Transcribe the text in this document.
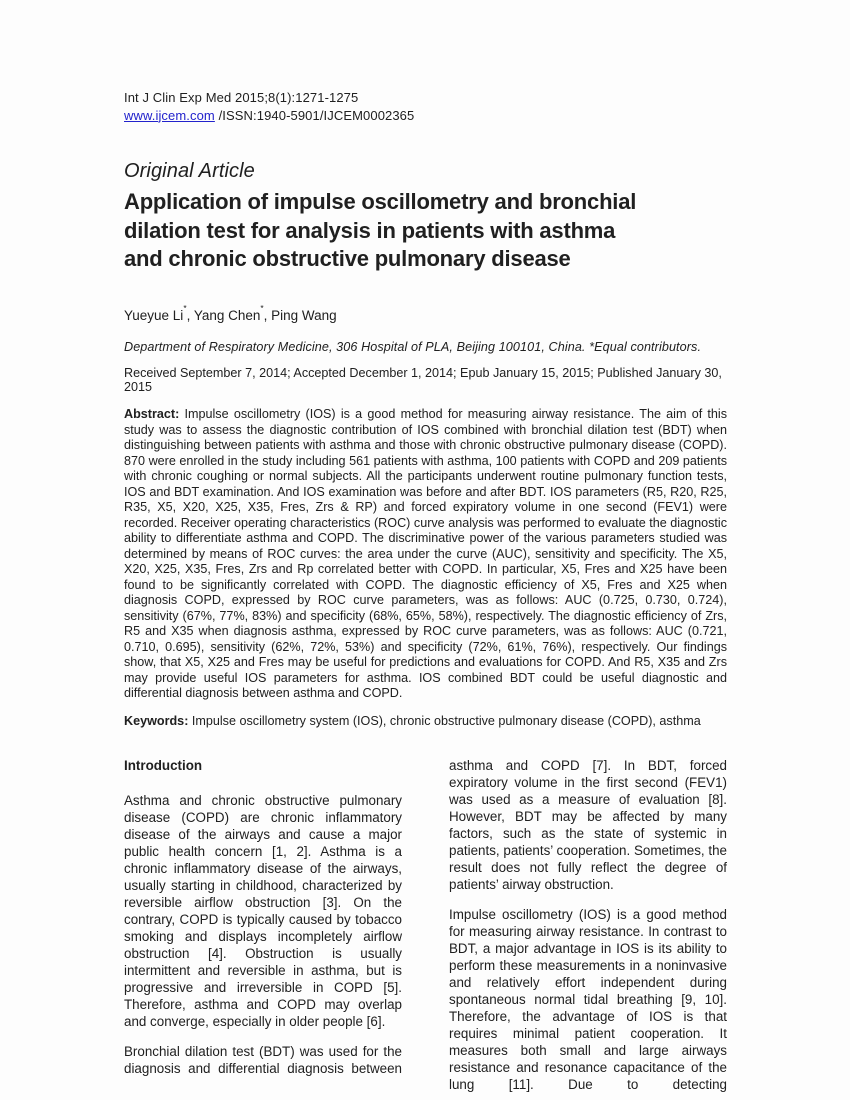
Int J Clin Exp Med 2015;8(1):1271-1275
www.ijcem.com /ISSN:1940-5901/IJCEM0002365
Original Article
Application of impulse oscillometry and bronchial
dilation test for analysis in patients with asthma
and chronic obstructive pulmonary disease
Yueyue Li*, Yang Chen*, Ping Wang
Department of Respiratory Medicine, 306 Hospital of PLA, Beijing 100101, China. *Equal contributors.
Received September 7, 2014; Accepted December 1, 2014; Epub January 15, 2015; Published January 30, 2015
Abstract: Impulse oscillometry (IOS) is a good method for measuring airway resistance. The aim of this study was to assess the diagnostic contribution of IOS combined with bronchial dilation test (BDT) when distinguishing between patients with asthma and those with chronic obstructive pulmonary disease (COPD). 870 were enrolled in the study including 561 patients with asthma, 100 patients with COPD and 209 patients with chronic coughing or normal subjects. All the participants underwent routine pulmonary function tests, IOS and BDT examination. And IOS examination was before and after BDT. IOS parameters (R5, R20, R25, R35, X5, X20, X25, X35, Fres, Zrs & RP) and forced expiratory volume in one second (FEV1) were recorded. Receiver operating characteristics (ROC) curve analysis was performed to evaluate the diagnostic ability to differentiate asthma and COPD. The discriminative power of the various parameters studied was determined by means of ROC curves: the area under the curve (AUC), sensitivity and specificity. The X5, X20, X25, X35, Fres, Zrs and Rp correlated better with COPD. In particular, X5, Fres and X25 have been found to be significantly correlated with COPD. The diagnostic efficiency of X5, Fres and X25 when diagnosis COPD, expressed by ROC curve parameters, was as follows: AUC (0.725, 0.730, 0.724), sensitivity (67%, 77%, 83%) and specificity (68%, 65%, 58%), respectively. The diagnostic efficiency of Zrs, R5 and X35 when diagnosis asthma, expressed by ROC curve parameters, was as follows: AUC (0.721, 0.710, 0.695), sensitivity (62%, 72%, 53%) and specificity (72%, 61%, 76%), respectively. Our findings show, that X5, X25 and Fres may be useful for predictions and evaluations for COPD. And R5, X35 and Zrs may provide useful IOS parameters for asthma. IOS combined BDT could be useful diagnostic and differential diagnosis between asthma and COPD.
Keywords: Impulse oscillometry system (IOS), chronic obstructive pulmonary disease (COPD), asthma
Introduction

Asthma and chronic obstructive pulmonary disease (COPD) are chronic inflammatory disease of the airways and cause a major public health concern [1, 2]. Asthma is a chronic inflammatory disease of the airways, usually starting in childhood, characterized by reversible airflow obstruction [3]. On the contrary, COPD is typically caused by tobacco smoking and displays incompletely airflow obstruction [4]. Obstruction is usually intermittent and reversible in asthma, but is progressive and irreversible in COPD [5]. Therefore, asthma and COPD may overlap and converge, especially in older people [6].

Bronchial dilation test (BDT) was used for the diagnosis and differential diagnosis between

asthma and COPD [7]. In BDT, forced expiratory volume in the first second (FEV1) was used as a measure of evaluation [8]. However, BDT may be affected by many factors, such as the state of systemic in patients, patients’ cooperation. Sometimes, the result does not fully reflect the degree of patients’ airway obstruction.

Impulse oscillometry (IOS) is a good method for measuring airway resistance. In contrast to BDT, a major advantage in IOS is its ability to perform these measurements in a noninvasive and relatively effort independent during spontaneous normal tidal breathing [9, 10]. Therefore, the advantage of IOS is that requires minimal patient cooperation. It measures both small and large airways resistance and resonance capacitance of the lung [11]. Due to detecting
